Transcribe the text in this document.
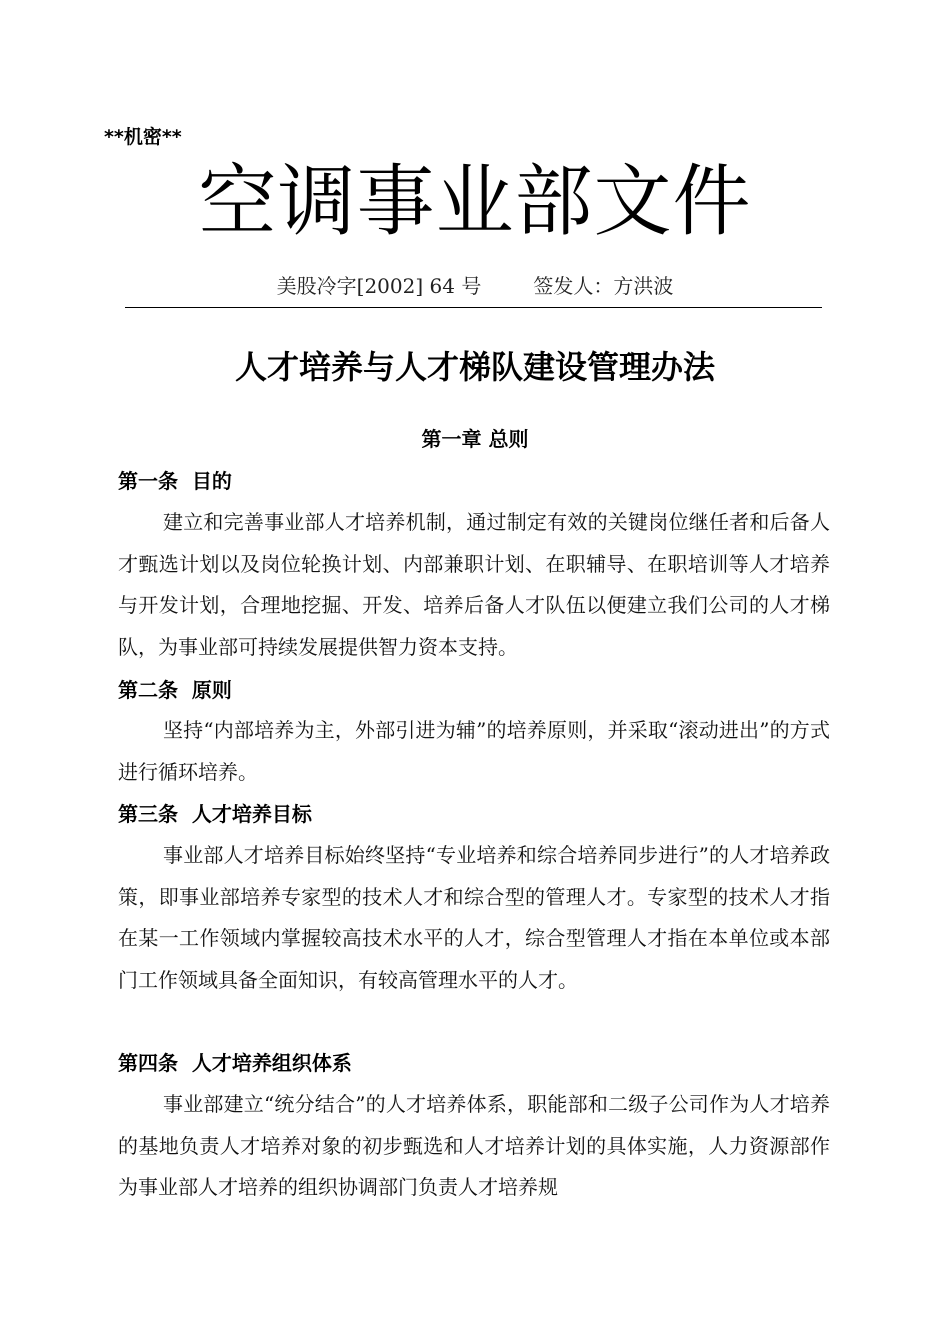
**机密**
空调事业部文件
美股冷字[2002] 64 号	签发人：方洪波
人才培养与人才梯队建设管理办法
第一章 总则
第一条  目的
建立和完善事业部人才培养机制，通过制定有效的关键岗位继任者和后备人才甄选计划以及岗位轮换计划、内部兼职计划、在职辅导、在职培训等人才培养与开发计划，合理地挖掘、开发、培养后备人才队伍以便建立我们公司的人才梯队，为事业部可持续发展提供智力资本支持。
第二条  原则
坚持“内部培养为主，外部引进为辅”的培养原则，并采取“滚动进出”的方式进行循环培养。
第三条  人才培养目标
事业部人才培养目标始终坚持“专业培养和综合培养同步进行”的人才培养政策，即事业部培养专家型的技术人才和综合型的管理人才。专家型的技术人才指在某一工作领域内掌握较高技术水平的人才，综合型管理人才指在本单位或本部门工作领域具备全面知识，有较高管理水平的人才。
第四条  人才培养组织体系
事业部建立“统分结合”的人才培养体系，职能部和二级子公司作为人才培养的基地负责人才培养对象的初步甄选和人才培养计划的具体实施，人力资源部作为事业部人才培养的组织协调部门负责人才培养规
